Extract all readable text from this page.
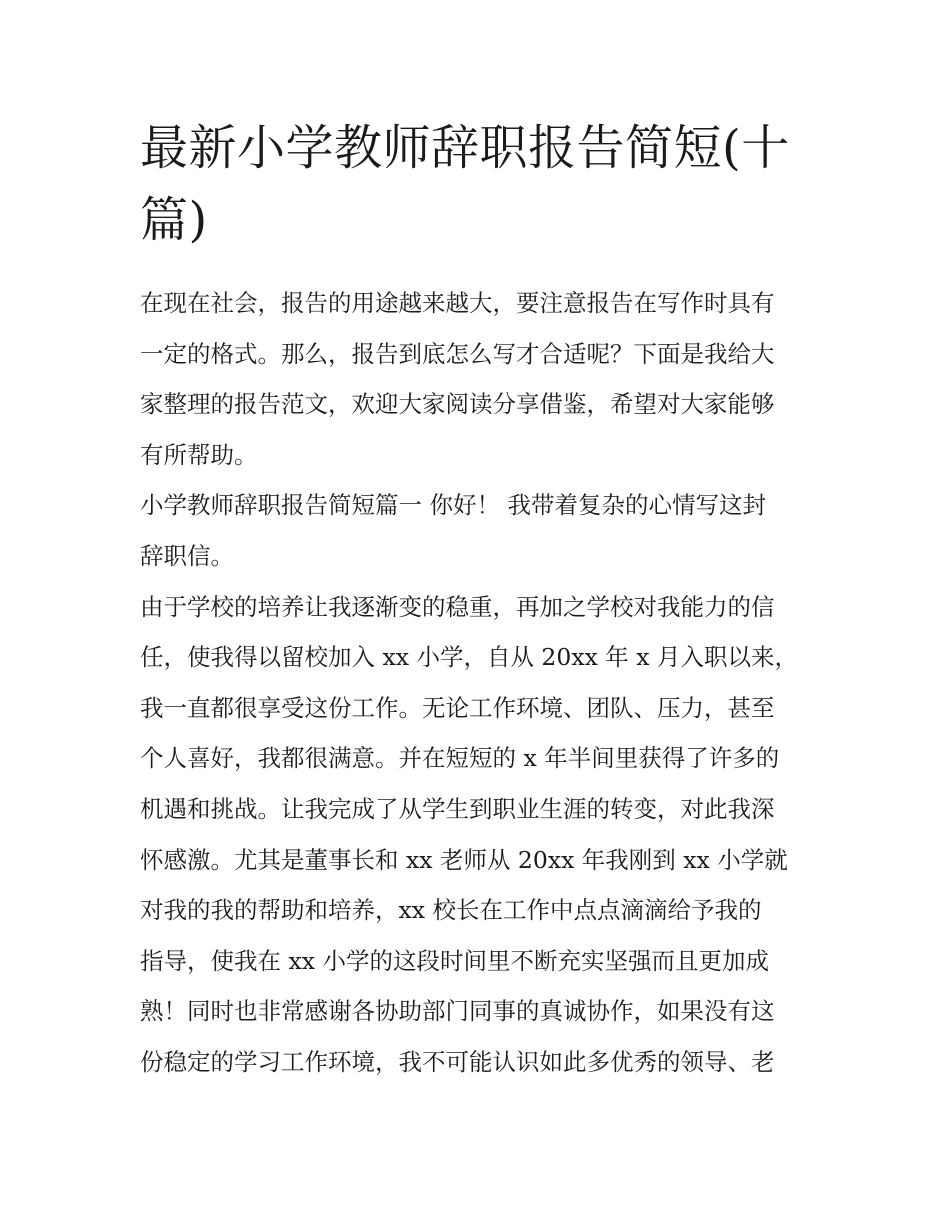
最新小学教师辞职报告简短(十
篇)

在现在社会，报告的用途越来越大，要注意报告在写作时具有
一定的格式。那么，报告到底怎么写才合适呢？下面是我给大
家整理的报告范文，欢迎大家阅读分享借鉴，希望对大家能够
有所帮助。

小学教师辞职报告简短篇一 你好！ 我带着复杂的心情写这封
辞职信。

由于学校的培养让我逐渐变的稳重，再加之学校对我能力的信
任，使我得以留校加入 xx 小学，自从 20xx 年 x 月入职以来，
我一直都很享受这份工作。无论工作环境、团队、压力，甚至
个人喜好，我都很满意。并在短短的 x 年半间里获得了许多的
机遇和挑战。让我完成了从学生到职业生涯的转变，对此我深
怀感激。尤其是董事长和 xx 老师从 20xx 年我刚到 xx 小学就
对我的我的帮助和培养，xx 校长在工作中点点滴滴给予我的
指导，使我在 xx 小学的这段时间里不断充实坚强而且更加成
熟！同时也非常感谢各协助部门同事的真诚协作，如果没有这
份稳定的学习工作环境，我不可能认识如此多优秀的领导、老
